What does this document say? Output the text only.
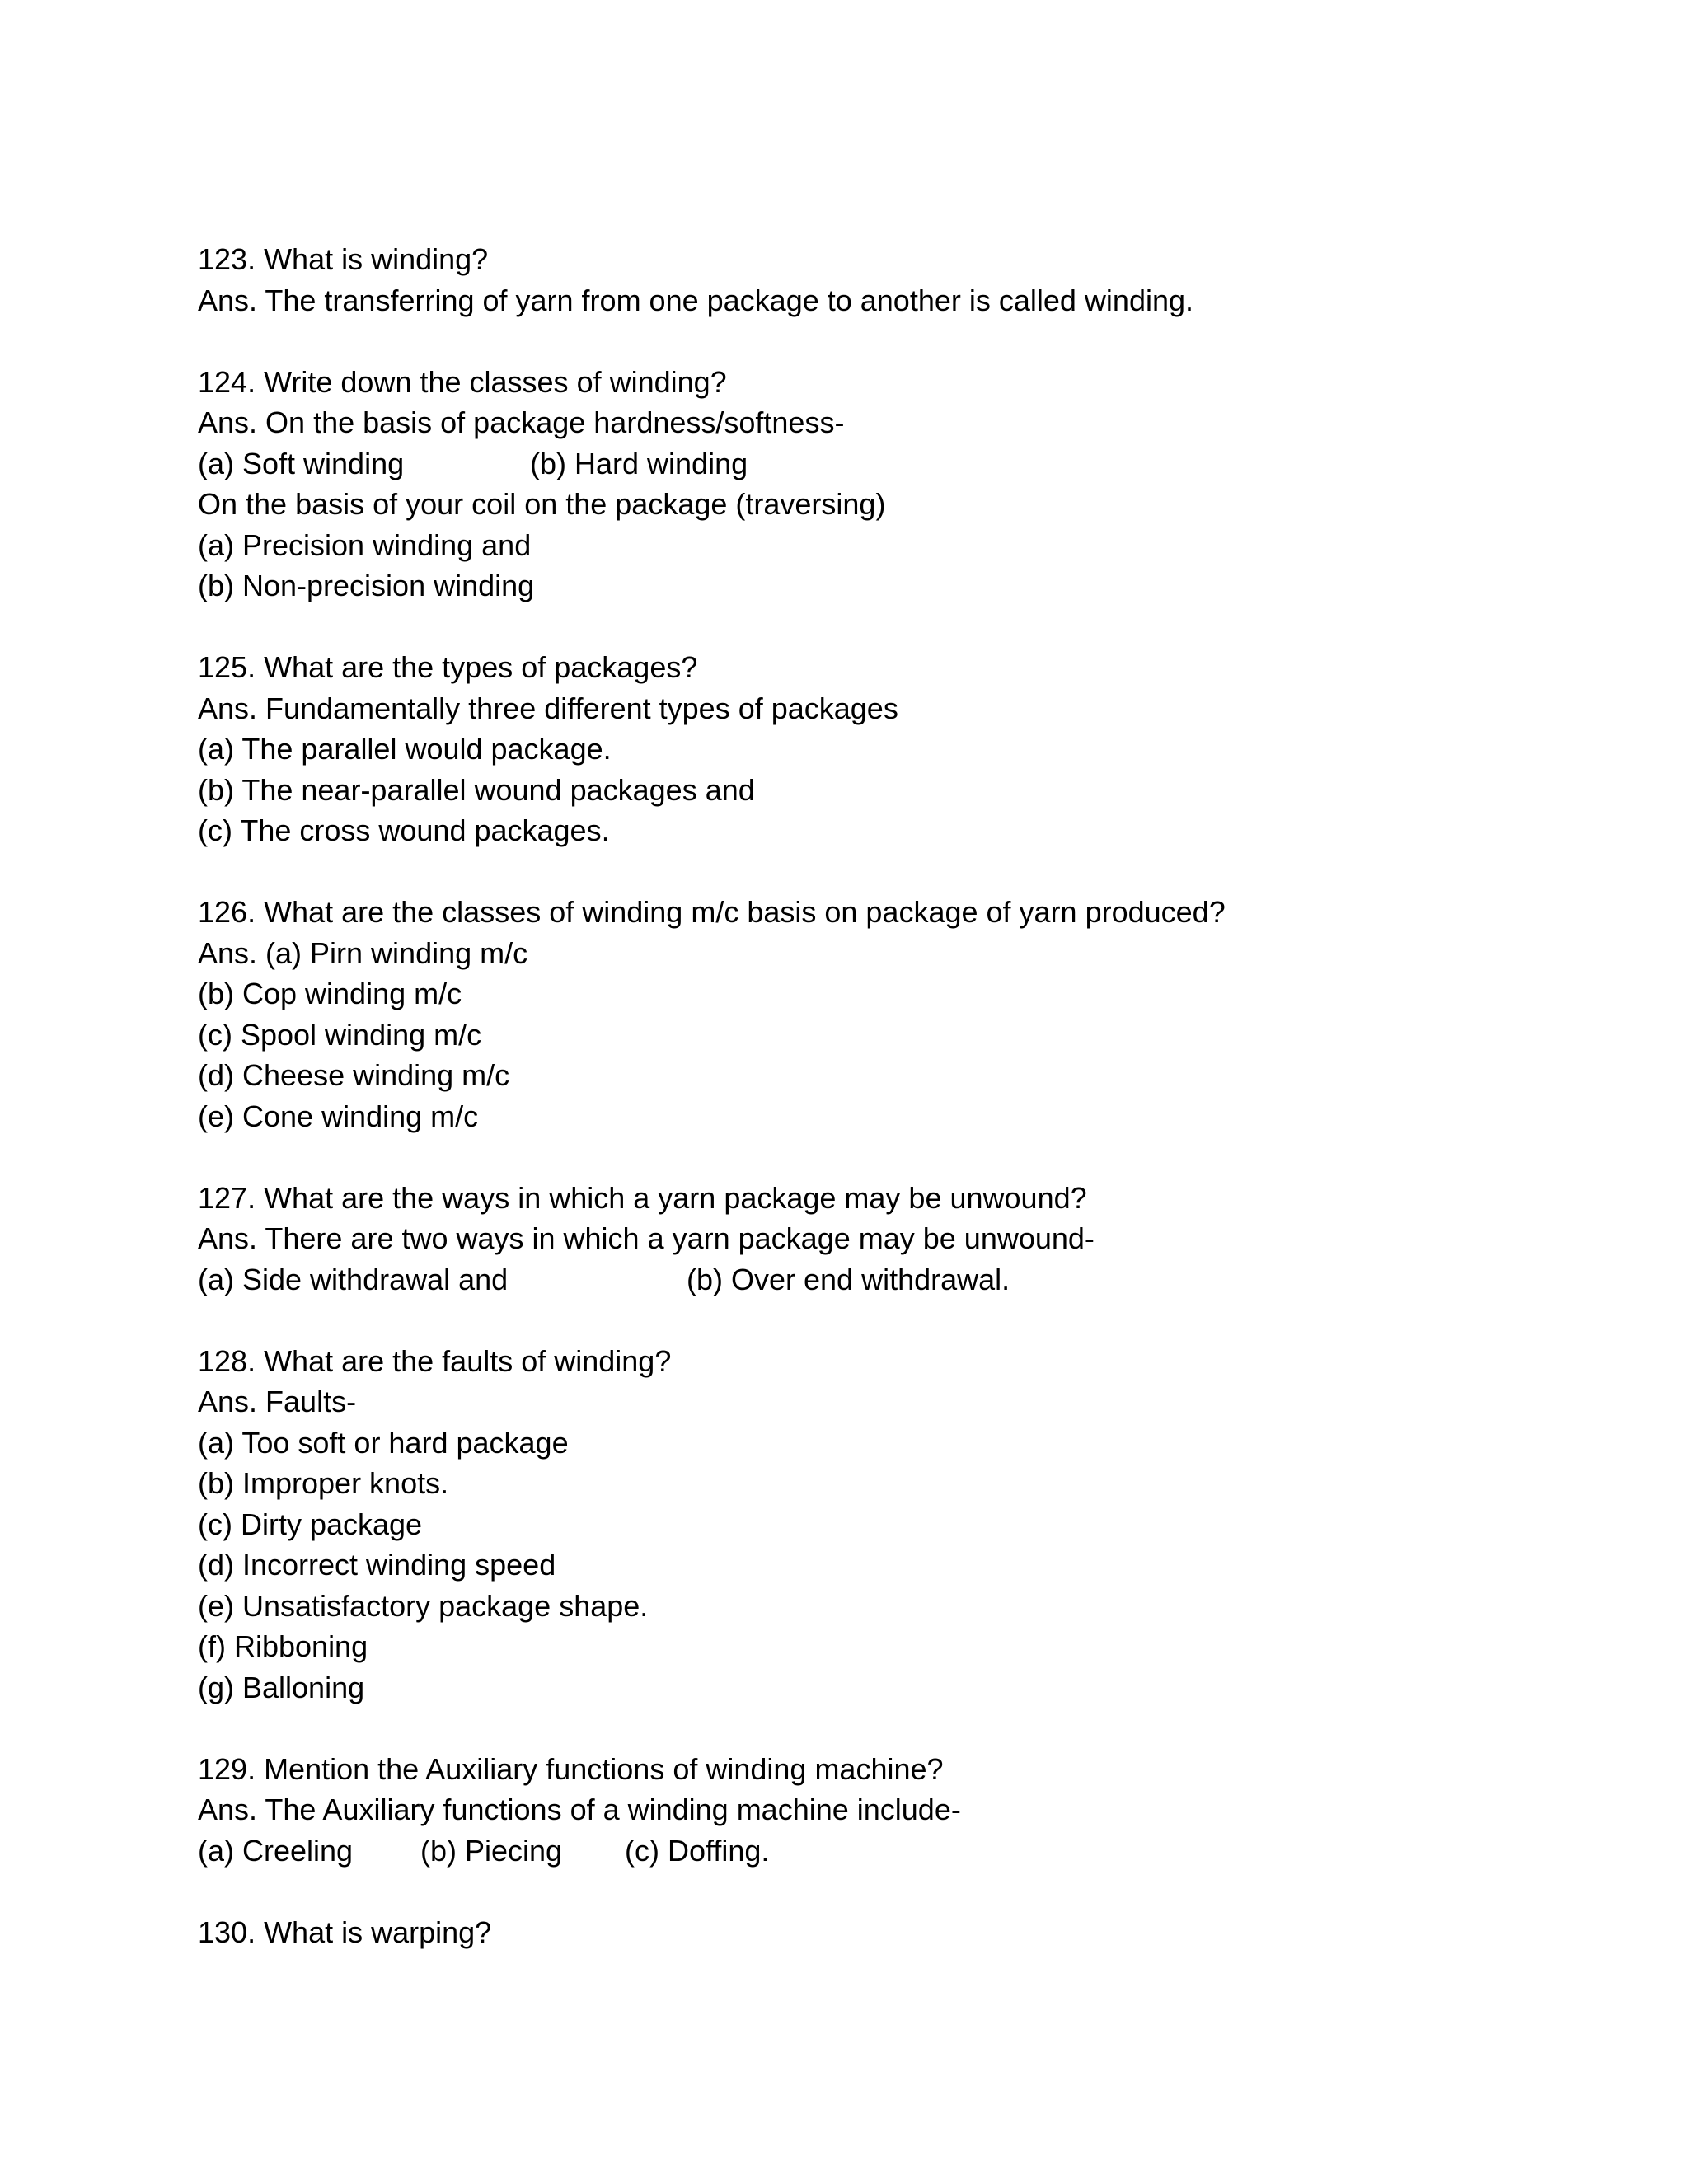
123. What is winding?
Ans. The transferring of yarn from one package to another is called winding.
124. Write down the classes of winding?
Ans. On the basis of package hardness/softness-

(a) Soft winding

	(b) Hard winding

On the basis of your coil on the package (traversing)
(a) Precision winding and
(b) Non-precision winding
125. What are the types of packages?
Ans. Fundamentally three different types of packages
(a) The parallel would package.
(b) The near-parallel wound packages and
(c) The cross wound packages.
126. What are the classes of winding m/c basis on package of yarn produced?
Ans. (a) Pirn winding m/c
(b) Cop winding m/c
(c) Spool winding m/c
(d) Cheese winding m/c
(e) Cone winding m/c
127. What are the ways in which a yarn package may be unwound?
Ans. There are two ways in which a yarn package may be unwound-

(a) Side withdrawal and

	(b) Over end withdrawal.

128. What are the faults of winding?
Ans. Faults-
(a) Too soft or hard package
(b) Improper knots.
(c) Dirty package
(d) Incorrect winding speed
(e) Unsatisfactory package shape.
(f) Ribboning
(g) Balloning
129. Mention the Auxiliary functions of winding machine?
Ans. The Auxiliary functions of a winding machine include-

(a) Creeling

(b) Piecing

(c) Doffing.

130. What is warping?
